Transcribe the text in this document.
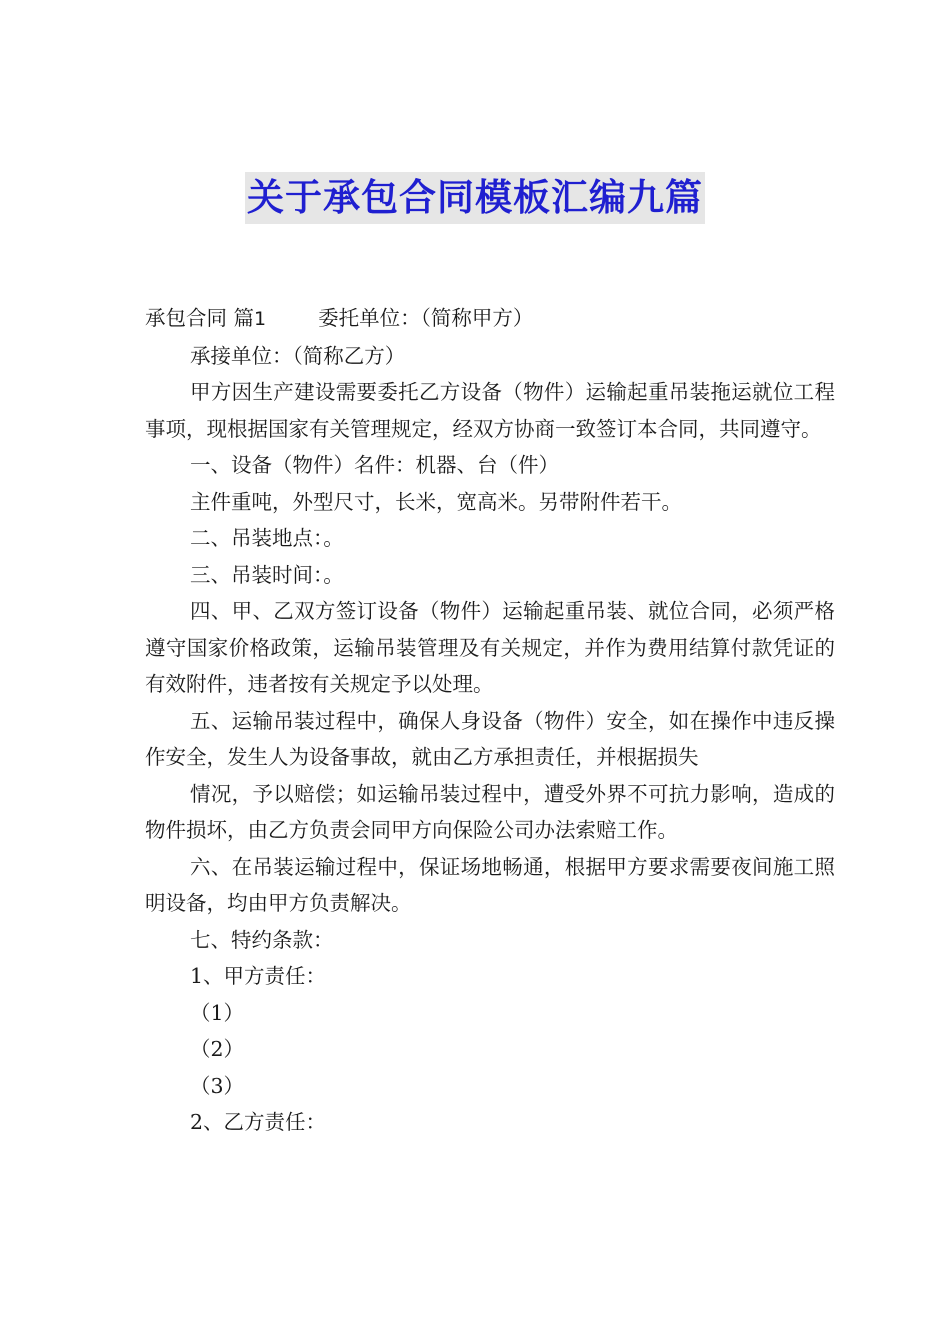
关于承包合同模板汇编九篇

承包合同 篇1	委托单位：（简称甲方）

承接单位：（简称乙方）

甲方因生产建设需要委托乙方设备（物件）运输起重吊装拖运就位工程事项，现根据国家有关管理规定，经双方协商一致签订本合同，共同遵守。

一、设备（物件）名件：机器、台（件）

主件重吨，外型尺寸，长米，宽高米。另带附件若干。

二、吊装地点：。

三、吊装时间：。

四、甲、乙双方签订设备（物件）运输起重吊装、就位合同，必须严格遵守国家价格政策，运输吊装管理及有关规定，并作为费用结算付款凭证的有效附件，违者按有关规定予以处理。

五、运输吊装过程中，确保人身设备（物件）安全，如在操作中违反操作安全，发生人为设备事故，就由乙方承担责任，并根据损失

情况，予以赔偿；如运输吊装过程中，遭受外界不可抗力影响，造成的物件损坏，由乙方负责会同甲方向保险公司办法索赔工作。

六、在吊装运输过程中，保证场地畅通，根据甲方要求需要夜间施工照明设备，均由甲方负责解决。

七、特约条款：

1、甲方责任：

（1）

（2）

（3）

2、乙方责任：
